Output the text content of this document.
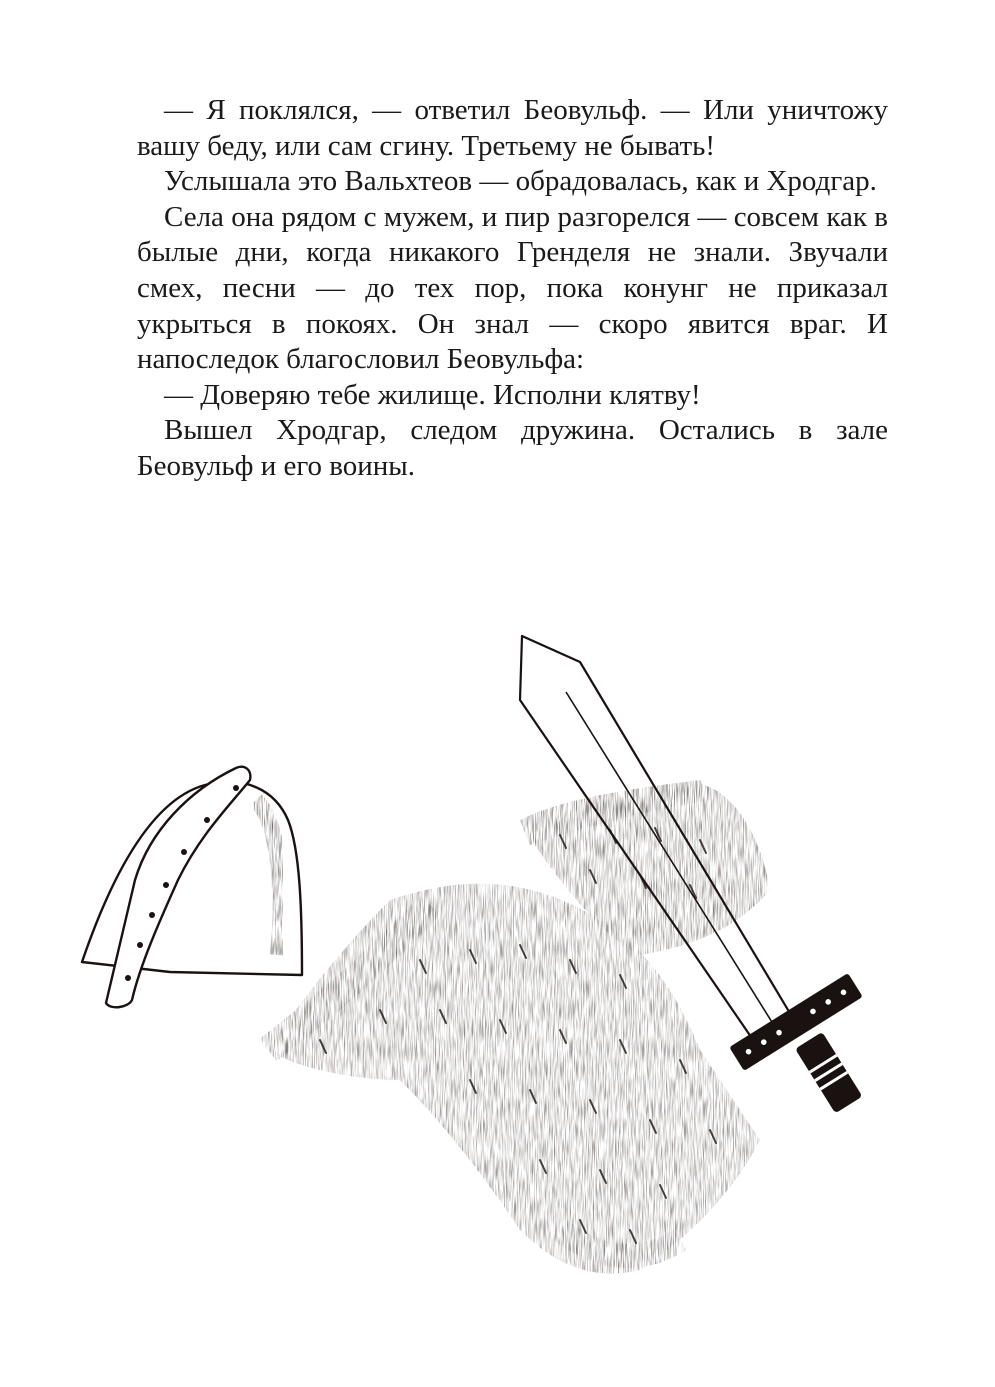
— Я поклялся, — ответил Беовульф. — Или уничтожу вашу беду, или сам сгину. Третьему не бывать!

Услышала это Вальхтеов — обрадовалась, как и Хродгар.

Села она рядом с мужем, и пир разгорелся — совсем как в былые дни, когда никакого Гренделя не знали. Звучали смех, песни — до тех пор, пока конунг не приказал укрыться в покоях. Он знал — скоро явится враг. И напоследок благословил Беовульфа:

— Доверяю тебе жилище. Исполни клятву!

Вышел Хродгар, следом дружина. Остались в зале Беовульф и его воины.
